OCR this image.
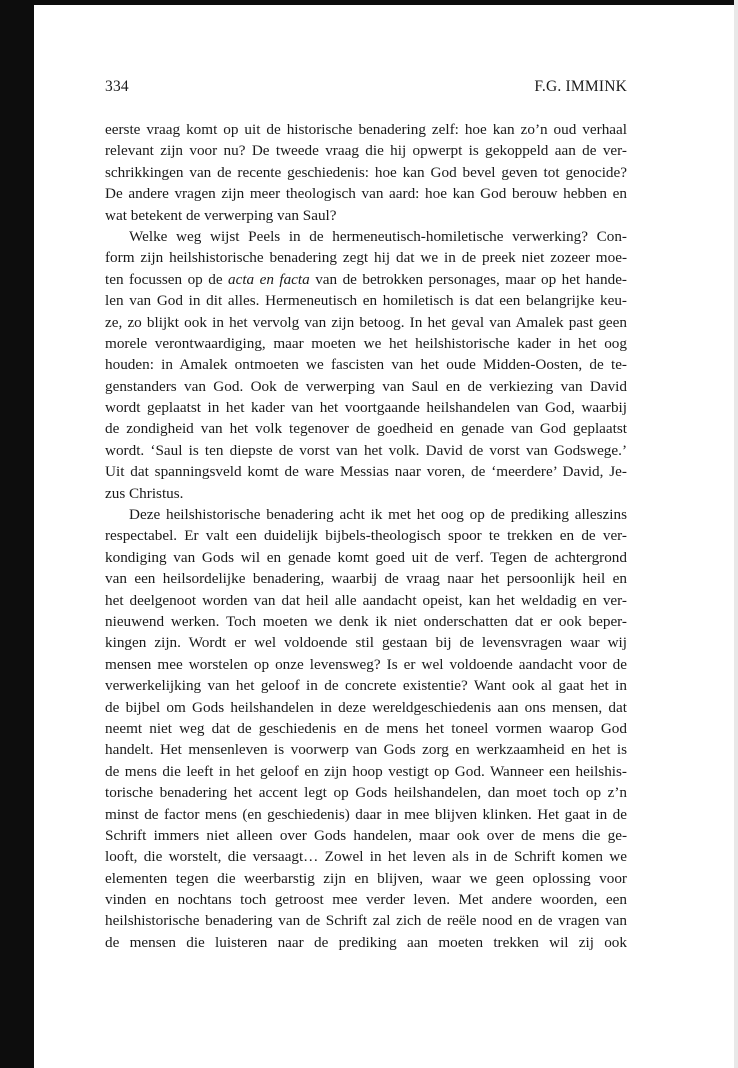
334	F.G. IMMINK
eerste vraag komt op uit de historische benadering zelf: hoe kan zo’n oud verhaal
relevant zijn voor nu? De tweede vraag die hij opwerpt is gekoppeld aan de ver-
schrikkingen van de recente geschiedenis: hoe kan God bevel geven tot genocide?
De andere vragen zijn meer theologisch van aard: hoe kan God berouw hebben en
wat betekent de verwerping van Saul?
Welke weg wijst Peels in de hermeneutisch-homiletische verwerking? Con-
form zijn heilshistorische benadering zegt hij dat we in de preek niet zozeer moe-
ten focussen op de acta en facta van de betrokken personages, maar op het hande-
len van God in dit alles. Hermeneutisch en homiletisch is dat een belangrijke keu-
ze, zo blijkt ook in het vervolg van zijn betoog. In het geval van Amalek past geen
morele verontwaardiging, maar moeten we het heilshistorische kader in het oog
houden: in Amalek ontmoeten we fascisten van het oude Midden-Oosten, de te-
genstanders van God. Ook de verwerping van Saul en de verkiezing van David
wordt geplaatst in het kader van het voortgaande heilshandelen van God, waarbij
de zondigheid van het volk tegenover de goedheid en genade van God geplaatst
wordt. ‘Saul is ten diepste de vorst van het volk. David de vorst van Godswege.’
Uit dat spanningsveld komt de ware Messias naar voren, de ‘meerdere’ David, Je-
zus Christus.
Deze heilshistorische benadering acht ik met het oog op de prediking alleszins
respectabel. Er valt een duidelijk bijbels-theologisch spoor te trekken en de ver-
kondiging van Gods wil en genade komt goed uit de verf. Tegen de achtergrond
van een heilsordelijke benadering, waarbij de vraag naar het persoonlijk heil en
het deelgenoot worden van dat heil alle aandacht opeist, kan het weldadig en ver-
nieuwend werken. Toch moeten we denk ik niet onderschatten dat er ook beper-
kingen zijn. Wordt er wel voldoende stil gestaan bij de levensvragen waar wij
mensen mee worstelen op onze levensweg? Is er wel voldoende aandacht voor de
verwerkelijking van het geloof in de concrete existentie? Want ook al gaat het in
de bijbel om Gods heilshandelen in deze wereldgeschiedenis aan ons mensen, dat
neemt niet weg dat de geschiedenis en de mens het toneel vormen waarop God
handelt. Het mensenleven is voorwerp van Gods zorg en werkzaamheid en het is
de mens die leeft in het geloof en zijn hoop vestigt op God. Wanneer een heilshis-
torische benadering het accent legt op Gods heilshandelen, dan moet toch op z’n
minst de factor mens (en geschiedenis) daar in mee blijven klinken. Het gaat in de
Schrift immers niet alleen over Gods handelen, maar ook over de mens die ge-
looft, die worstelt, die versaagt… Zowel in het leven als in de Schrift komen we
elementen tegen die weerbarstig zijn en blijven, waar we geen oplossing voor
vinden en nochtans toch getroost mee verder leven. Met andere woorden, een
heilshistorische benadering van de Schrift zal zich de reële nood en de vragen van
de mensen die luisteren naar de prediking aan moeten trekken wil zij ook
